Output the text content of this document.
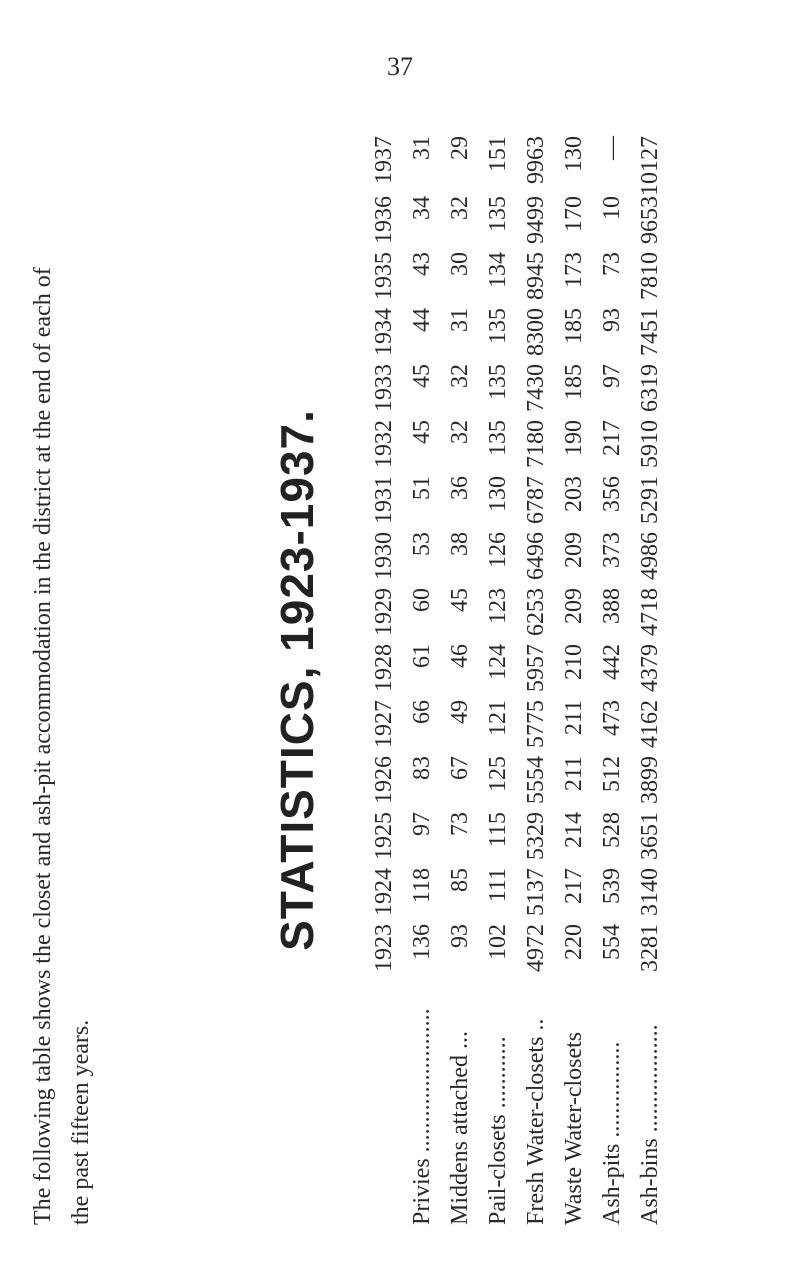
37
The following table shows the closet and ash-pit accommodation in the district at the end of each of the past fifteen years.
STATISTICS, 1923-1937.
	1923	1924	1925	1926	1927	1928	1929	1930	1931	1932	1933	1934	1935	1936	1937
Privies ........................	136	118	97	83	66	61	60	53	51	45	45	44	43	34	31
Middens attached ...	93	85	73	67	49	46	45	38	36	32	32	31	30	32	29
Pail-closets ............	102	111	115	125	121	124	123	126	130	135	135	135	134	135	151
Fresh Water-closets ..	4972	5137	5329	5554	5775	5957	6253	6496	6787	7180	7430	8300	8945	9499	9963
Waste Water-closets	220	217	214	211	211	210	209	209	203	190	185	185	173	170	130
Ash-pits ................	554	539	528	512	473	442	388	373	356	217	97	93	73	10	—
Ash-bins ..................	3281	3140	3651	3899	4162	4379	4718	4986	5291	5910	6319	7451	7810	9653	10127
